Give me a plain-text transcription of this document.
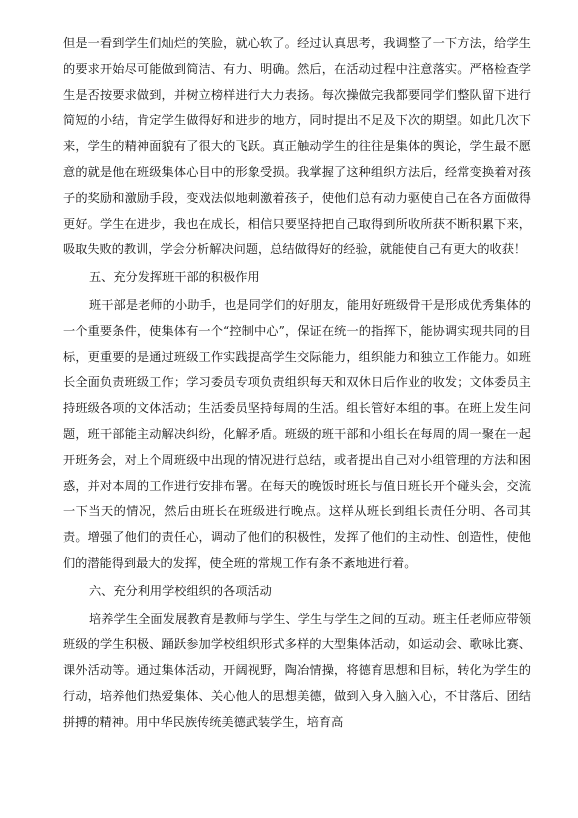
但是一看到学生们灿烂的笑脸，就心软了。经过认真思考，我调整了一下方法，给学生的要求开始尽可能做到简洁、有力、明确。然后，在活动过程中注意落实。严格检查学生是否按要求做到，并树立榜样进行大力表扬。每次操做完我都要同学们整队留下进行简短的小结，肯定学生做得好和进步的地方，同时提出不足及下次的期望。如此几次下来，学生的精神面貌有了很大的飞跃。真正触动学生的往往是集体的舆论，学生最不愿意的就是他在班级集体心目中的形象受损。我掌握了这种组织方法后，经常变换着对孩子的奖励和激励手段，变戏法似地刺激着孩子，使他们总有动力驱使自己在各方面做得更好。学生在进步，我也在成长，相信只要坚持把自己取得到所收所获不断积累下来，吸取失败的教训，学会分析解决问题，总结做得好的经验，就能使自己有更大的收获！

五、充分发挥班干部的积极作用

班干部是老师的小助手，也是同学们的好朋友，能用好班级骨干是形成优秀集体的一个重要条件，使集体有一个“控制中心”，保证在统一的指挥下，能协调实现共同的目标，更重要的是通过班级工作实践提高学生交际能力，组织能力和独立工作能力。如班长全面负责班级工作；学习委员专项负责组织每天和双休日后作业的收发；文体委员主持班级各项的文体活动；生活委员坚持每周的生活。组长管好本组的事。在班上发生问题，班干部能主动解决纠纷，化解矛盾。班级的班干部和小组长在每周的周一聚在一起开班务会，对上个周班级中出现的情况进行总结，或者提出自己对小组管理的方法和困惑，并对本周的工作进行安排布署。在每天的晚饭时班长与值日班长开个碰头会，交流一下当天的情况，然后由班长在班级进行晚点。这样从班长到组长责任分明、各司其责。增强了他们的责任心，调动了他们的积极性，发挥了他们的主动性、创造性，使他们的潜能得到最大的发挥，使全班的常规工作有条不紊地进行着。

六、充分利用学校组织的各项活动

培养学生全面发展教育是教师与学生、学生与学生之间的互动。班主任老师应带领班级的学生积极、踊跃参加学校组织形式多样的大型集体活动，如运动会、歌咏比赛、课外活动等。通过集体活动，开阔视野，陶冶情操，将德育思想和目标，转化为学生的行动，培养他们热爱集体、关心他人的思想美德，做到入身入脑入心，不甘落后、团结拼搏的精神。用中华民族传统美德武装学生，培育高
